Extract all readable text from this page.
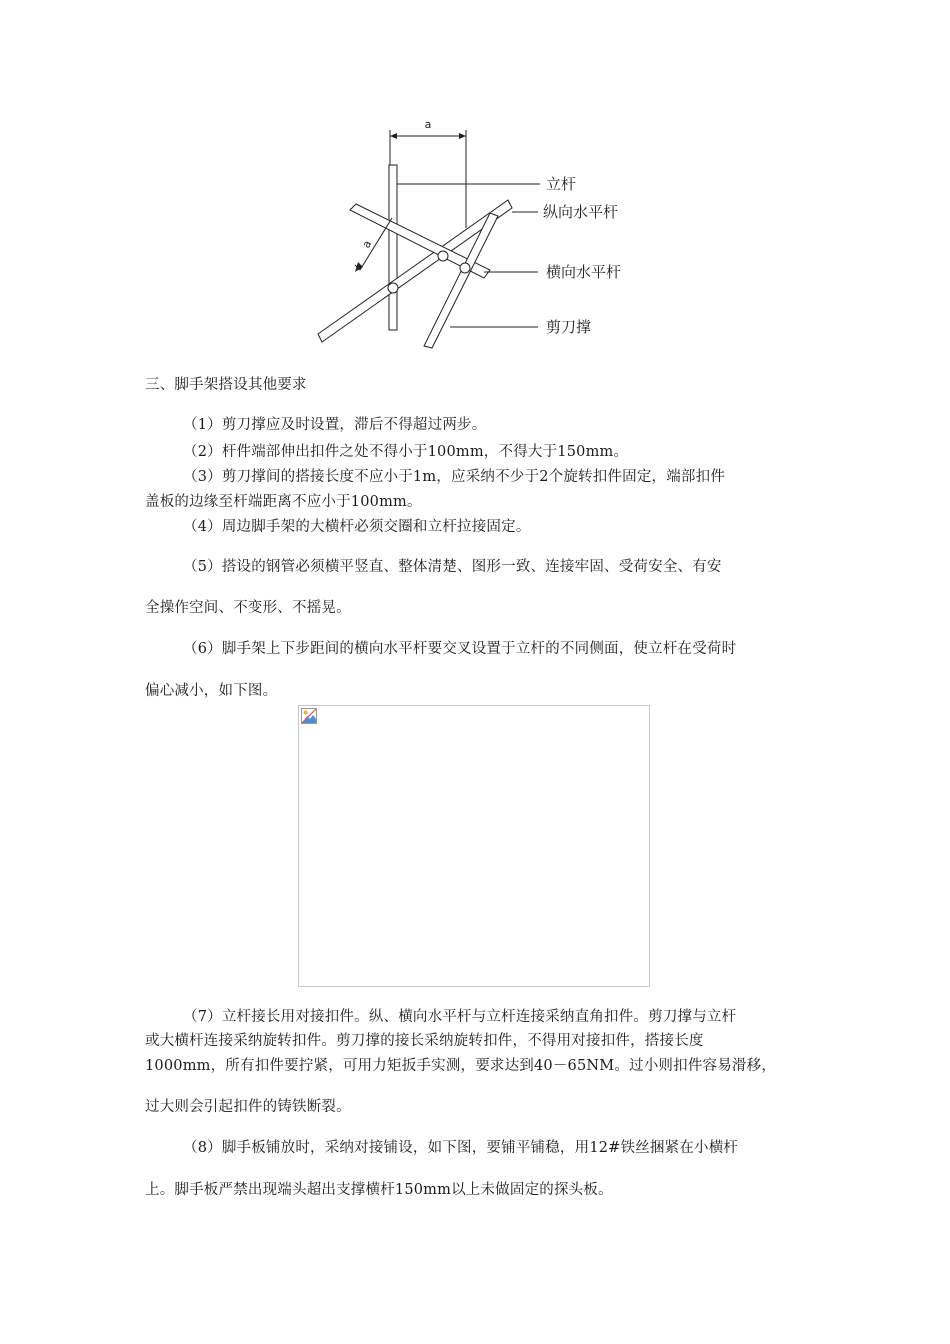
a
a
立杆
纵向水平杆
横向水平杆
剪刀撑
三、脚手架搭设其他要求
（1）剪刀撑应及时设置，滞后不得超过两步。
（2）杆件端部伸出扣件之处不得小于100mm，不得大于150mm。
（3）剪刀撑间的搭接长度不应小于1m，应采纳不少于2个旋转扣件固定，端部扣件
盖板的边缘至杆端距离不应小于100mm。
（4）周边脚手架的大横杆必须交圈和立杆拉接固定。
（5）搭设的钢管必须横平竖直、整体清楚、图形一致、连接牢固、受荷安全、有安
全操作空间、不变形、不摇晃。
（6）脚手架上下步距间的横向水平杆要交叉设置于立杆的不同侧面，使立杆在受荷时
偏心减小，如下图。
（7）立杆接长用对接扣件。纵、横向水平杆与立杆连接采纳直角扣件。剪刀撑与立杆
或大横杆连接采纳旋转扣件。剪刀撑的接长采纳旋转扣件，不得用对接扣件，搭接长度
1000mm，所有扣件要拧紧，可用力矩扳手实测，要求达到40－65NM。过小则扣件容易滑移，
过大则会引起扣件的铸铁断裂。
（8）脚手板铺放时，采纳对接铺设，如下图，要铺平铺稳，用12#铁丝捆紧在小横杆
上。脚手板严禁出现端头超出支撑横杆150mm以上未做固定的探头板。
